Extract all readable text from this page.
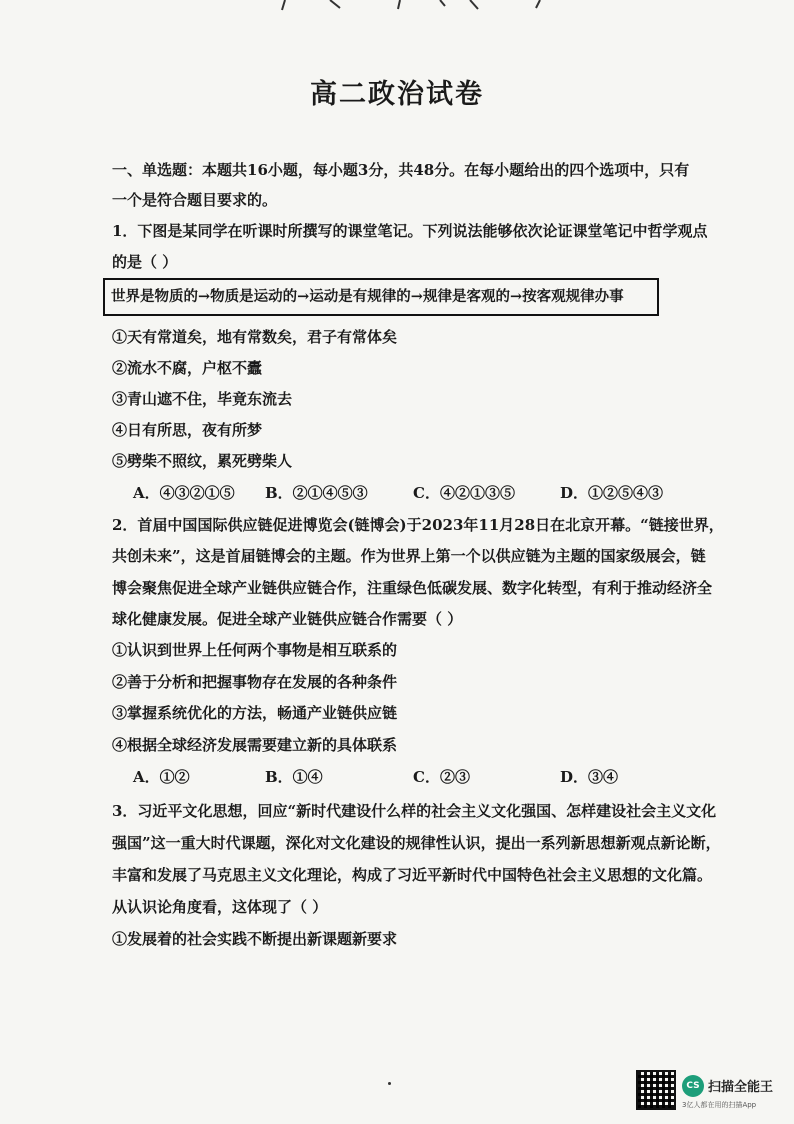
高二政治试卷
一、单选题：本题共16小题，每小题3分，共48分。在每小题给出的四个选项中，只有
一个是符合题目要求的。
1．下图是某同学在听课时所撰写的课堂笔记。下列说法能够依次论证课堂笔记中哲学观点
的是（ ）
世界是物质的→物质是运动的→运动是有规律的→规律是客观的→按客观规律办事
①天有常道矣，地有常数矣，君子有常体矣
②流水不腐，户枢不蠹
③青山遮不住，毕竟东流去
④日有所思，夜有所梦
⑤劈柴不照纹，累死劈柴人
A．④③②①⑤ B．②①④⑤③	C．④②①③⑤	D．①②⑤④③
2．首届中国国际供应链促进博览会(链博会)于2023年11月28日在北京开幕。“链接世界，
共创未来”，这是首届链博会的主题。作为世界上第一个以供应链为主题的国家级展会，链
博会聚焦促进全球产业链供应链合作，注重绿色低碳发展、数字化转型，有利于推动经济全
球化健康发展。促进全球产业链供应链合作需要（ ）
①认识到世界上任何两个事物是相互联系的
②善于分析和把握事物存在发展的各种条件
③掌握系统优化的方法，畅通产业链供应链
④根据全球经济发展需要建立新的具体联系
A．①②	B．①④	C．②③	D．③④
3．习近平文化思想，回应“新时代建设什么样的社会主义文化强国、怎样建设社会主义文化
强国”这一重大时代课题，深化对文化建设的规律性认识，提出一系列新思想新观点新论断，
丰富和发展了马克思主义文化理论，构成了习近平新时代中国特色社会主义思想的文化篇。
从认识论角度看，这体现了（ ）
①发展着的社会实践不断提出新课题新要求
CS 扫描全能王
3亿人都在用的扫描App
